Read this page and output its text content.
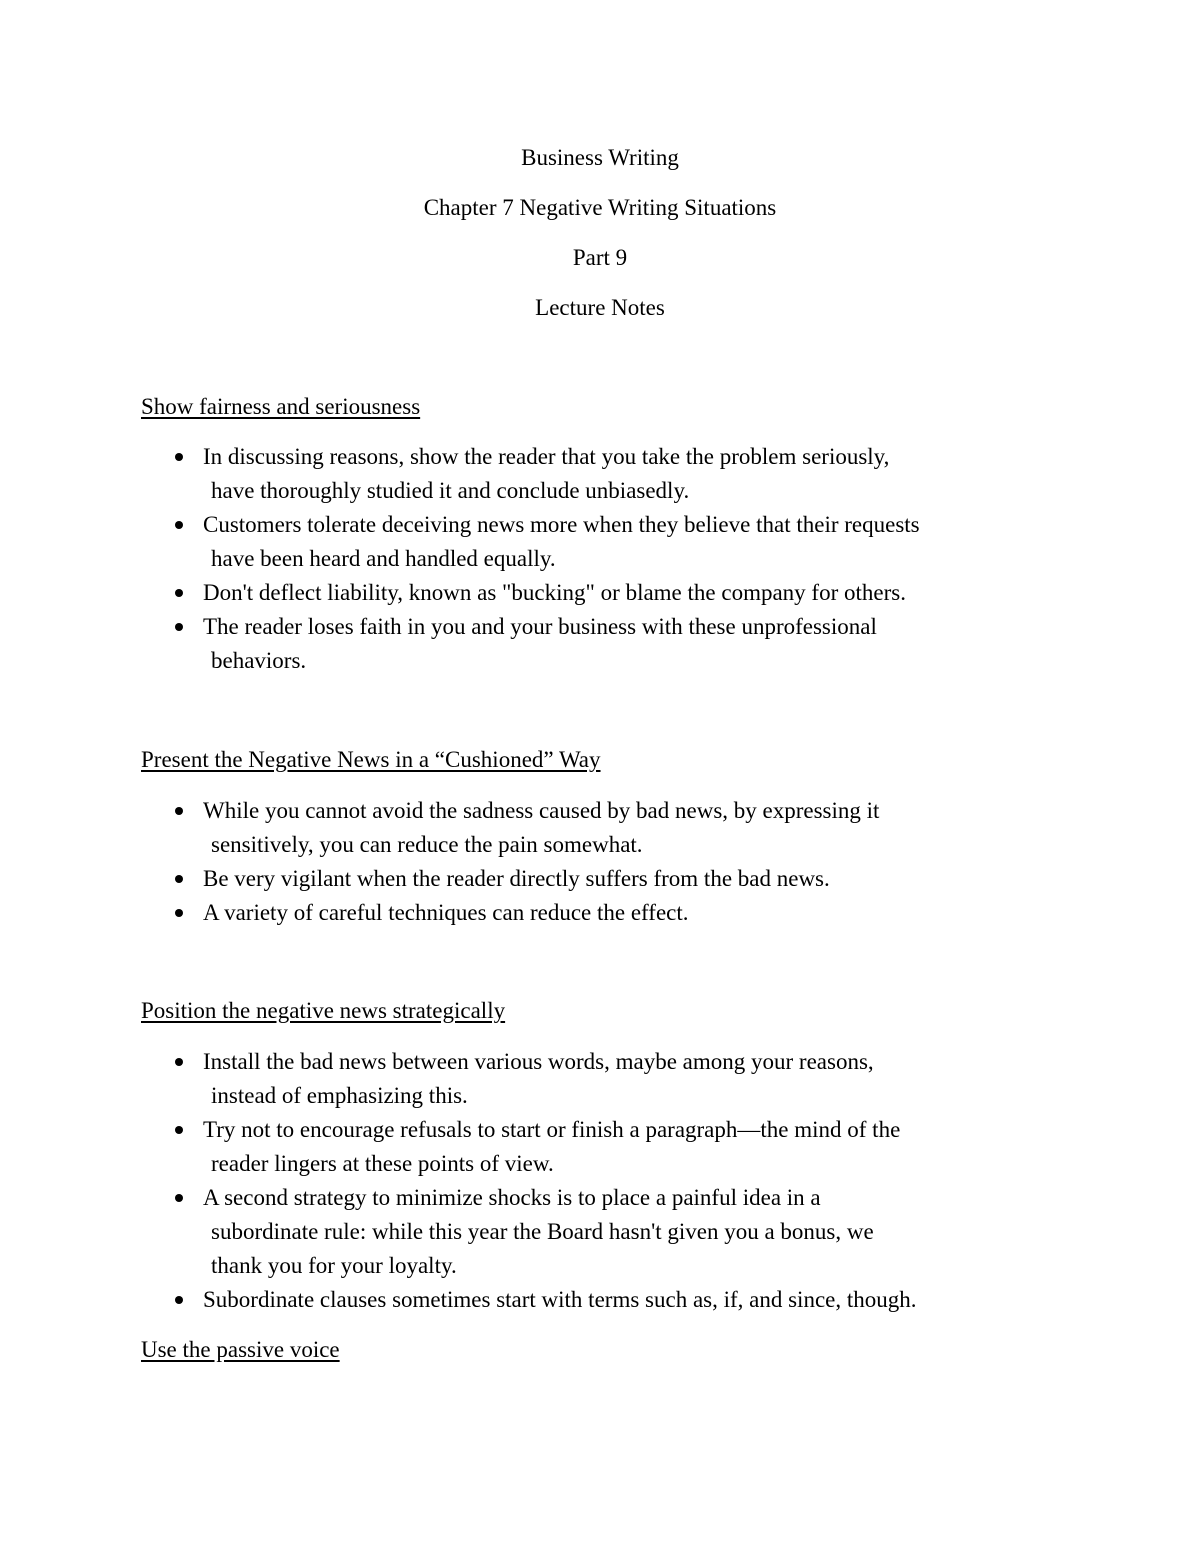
Business Writing
Chapter 7 Negative Writing Situations
Part 9
Lecture Notes
Show fairness and seriousness
In discussing reasons, show the reader that you take the problem seriously,
have thoroughly studied it and conclude unbiasedly.
Customers tolerate deceiving news more when they believe that their requests
have been heard and handled equally.
Don't deflect liability, known as "bucking" or blame the company for others.
The reader loses faith in you and your business with these unprofessional
behaviors.
Present the Negative News in a “Cushioned” Way
While you cannot avoid the sadness caused by bad news, by expressing it
sensitively, you can reduce the pain somewhat.
Be very vigilant when the reader directly suffers from the bad news.
A variety of careful techniques can reduce the effect.
Position the negative news strategically
Install the bad news between various words, maybe among your reasons,
instead of emphasizing this.
Try not to encourage refusals to start or finish a paragraph—the mind of the
reader lingers at these points of view.
A second strategy to minimize shocks is to place a painful idea in a
subordinate rule: while this year the Board hasn't given you a bonus, we
thank you for your loyalty.
Subordinate clauses sometimes start with terms such as, if, and since, though.
Use the passive voice
